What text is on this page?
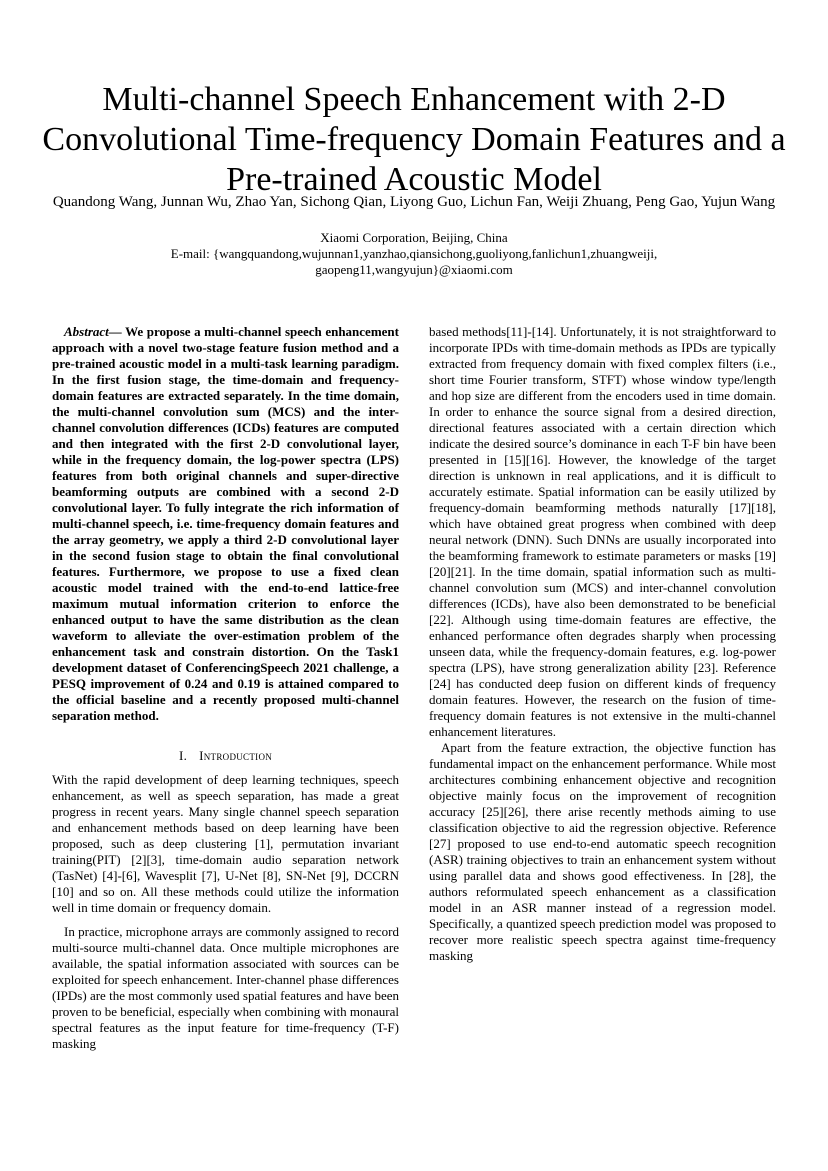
Multi-channel Speech Enhancement with 2-D Convolutional Time-frequency Domain Features and a Pre-trained Acoustic Model
Quandong Wang, Junnan Wu, Zhao Yan, Sichong Qian, Liyong Guo, Lichun Fan, Weiji Zhuang, Peng Gao, Yujun Wang
Xiaomi Corporation, Beijing, China
E-mail: {wangquandong,wujunnan1,yanzhao,qiansichong,guoliyong,fanlichun1,zhuangweiji, gaopeng11,wangyujun}@xiaomi.com

Abstract— We propose a multi-channel speech enhancement approach with a novel two-stage feature fusion method and a pre-trained acoustic model in a multi-task learning paradigm. In the first fusion stage, the time-domain and frequency-domain features are extracted separately. In the time domain, the multi-channel convolution sum (MCS) and the inter-channel convolution differences (ICDs) features are computed and then integrated with the first 2-D convolutional layer, while in the frequency domain, the log-power spectra (LPS) features from both original channels and super-directive beamforming outputs are combined with a second 2-D convolutional layer. To fully integrate the rich information of multi-channel speech, i.e. time-frequency domain features and the array geometry, we apply a third 2-D convolutional layer in the second fusion stage to obtain the final convolutional features. Furthermore, we propose to use a fixed clean acoustic model trained with the end-to-end lattice-free maximum mutual information criterion to enforce the enhanced output to have the same distribution as the clean waveform to alleviate the over-estimation problem of the enhancement task and constrain distortion. On the Task1 development dataset of ConferencingSpeech 2021 challenge, a PESQ improvement of 0.24 and 0.19 is attained compared to the official baseline and a recently proposed multi-channel separation method.

I. Introduction

With the rapid development of deep learning techniques, speech enhancement, as well as speech separation, has made a great progress in recent years. Many single channel speech separation and enhancement methods based on deep learning have been proposed, such as deep clustering [1], permutation invariant training(PIT) [2][3], time-domain audio separation network (TasNet) [4]-[6], Wavesplit [7], U-Net [8], SN-Net [9], DCCRN [10] and so on. All these methods could utilize the information well in time domain or frequency domain.

In practice, microphone arrays are commonly assigned to record multi-source multi-channel data. Once multiple microphones are available, the spatial information associated with sources can be exploited for speech enhancement. Inter-channel phase differences (IPDs) are the most commonly used spatial features and have been proven to be beneficial, especially when combining with monaural spectral features as the input feature for time-frequency (T-F) masking

based methods[11]-[14]. Unfortunately, it is not straightforward to incorporate IPDs with time-domain methods as IPDs are typically extracted from frequency domain with fixed complex filters (i.e., short time Fourier transform, STFT) whose window type/length and hop size are different from the encoders used in time domain. In order to enhance the source signal from a desired direction, directional features associated with a certain direction which indicate the desired source’s dominance in each T-F bin have been presented in [15][16]. However, the knowledge of the target direction is unknown in real applications, and it is difficult to accurately estimate. Spatial information can be easily utilized by frequency-domain beamforming methods naturally [17][18], which have obtained great progress when combined with deep neural network (DNN). Such DNNs are usually incorporated into the beamforming framework to estimate parameters or masks [19][20][21]. In the time domain, spatial information such as multi-channel convolution sum (MCS) and inter-channel convolution differences (ICDs), have also been demonstrated to be beneficial [22]. Although using time-domain features are effective, the enhanced performance often degrades sharply when processing unseen data, while the frequency-domain features, e.g. log-power spectra (LPS), have strong generalization ability [23]. Reference [24] has conducted deep fusion on different kinds of frequency domain features. However, the research on the fusion of time-frequency domain features is not extensive in the multi-channel enhancement literatures.

Apart from the feature extraction, the objective function has fundamental impact on the enhancement performance. While most architectures combining enhancement objective and recognition objective mainly focus on the improvement of recognition accuracy [25][26], there arise recently methods aiming to use classification objective to aid the regression objective. Reference [27] proposed to use end-to-end automatic speech recognition (ASR) training objectives to train an enhancement system without using parallel data and shows good effectiveness. In [28], the authors reformulated speech enhancement as a classification model in an ASR manner instead of a regression model. Specifically, a quantized speech prediction model was proposed to recover more realistic speech spectra against time-frequency masking
